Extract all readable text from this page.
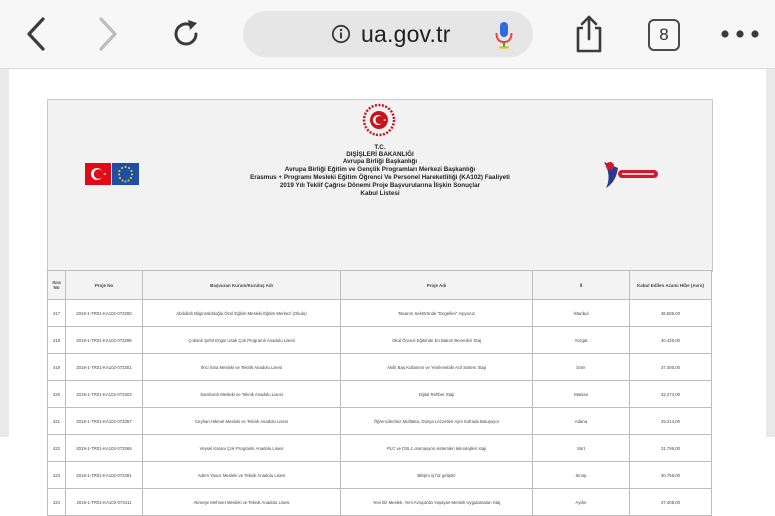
ua.gov.tr	8
T.C.
DIŞİŞLERİ BAKANLIĞI
Avrupa Birliği Başkanlığı
Avrupa Birliği Eğitim ve Gençlik Programları Merkezi Başkanlığı
Erasmus + Programı Mesleki Eğitim Öğrenci Ve Personel Hareketliliği (KA102) Faaliyeti
2019 Yılı Teklif Çağrısı Dönemi Proje Başvurularına İlişkin Sonuçlar
Kabul Listesi
Sıra No	Proje No	Başvuran Kurum/Kuruluş Adı	Proje Adı	İl	Kabul Edilen Azami Hibe (Avro)
417	2019-1-TR01-KA102-073200	Abdullah Bilginsüldüoğlu Özel Eğitim Mesleki Eğitim Merkezi (Okulu)	Tasarım Sektöründe "Engelleri" Aşıyoruz	İstanbul	36.585,00
418	2019-1-TR01-KA102-073298	Çobanlı Şehit Engin Usak Çok Programlı Anadolu Lisesi	Okul Öncesi Eğitimde En Bakım Becerileri Staj	Yozgat	40.420,00
419	2019-1-TR01-KA102-073301	İlnci Sina Mesleki ve Teknik Anadolu Lisesi	Akıllı Baş Kullanımı ve Yenilenebilir Acil Sistem Staji	İzmir	37.400,00
420	2019-1-TR01-KA102-073303	Sanılcanlı Mesleki ve Teknik Anadolu Lisesi	Dijital Rehber Staji	Manisa	32.274,00
421	2019-1-TR01-KA102-073357	Ceyhan Hikmet Mesleki ve Teknik Anadolu Lisesi	Öğrencilerimiz Mutfakta, Dünya Lezzetleri Ayni Sofrada Buluşuyor	Adana	25.214,00
422	2019-1-TR01-KA102-073369	Veysel Karani Çok Programlı Anadolu Lisesi	PLC ve DSL1 otomasyon sistemleri teknolojileri staji	Sürt	31.795,00
423	2019-1-TR01-KA102-073391	Adem Yavuz Mesleki ve Teknik Anadolu Lisesi	Bilişim iş hiz geliştir!	Sinop	30.756,00
424	2019-1-TR01-KA102-073411	Akmeşe Mehmet Mesleki ve Teknik Anadolu Lisesi	Yeni Bir Meslek, Yeni Avrupa'da Yaşayan Meslek Uygulamaları Staj	Aydın	27.405,00
